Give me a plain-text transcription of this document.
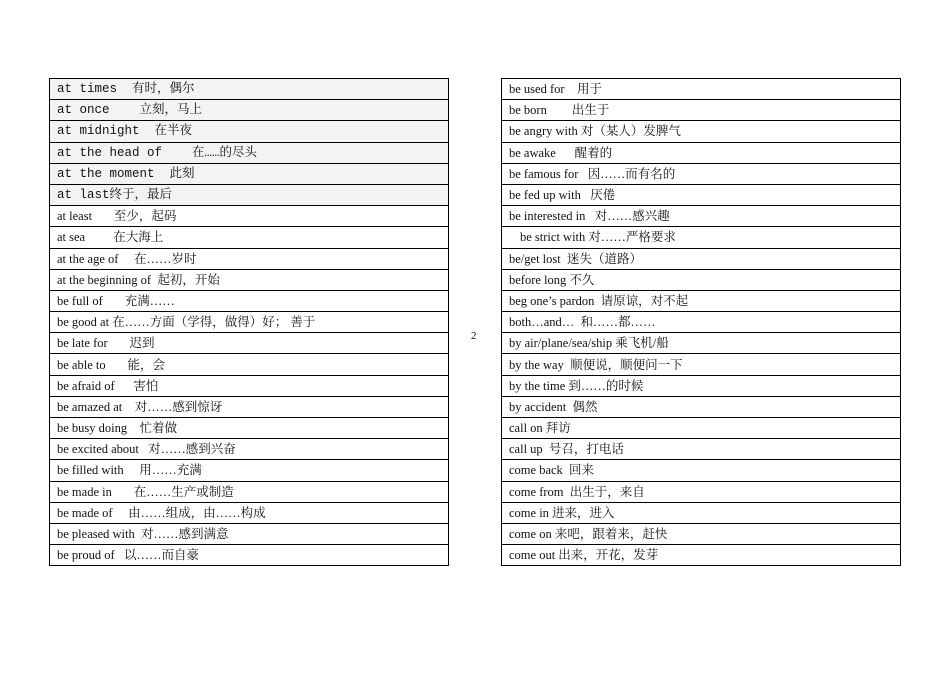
at times  有时，偶尔
at once    立刻，马上
at midnight  在半夜
at the head of    在……的尽头
at the moment  此刻
at last终于，最后
at least       至少，起码
at sea         在大海上
at the age of     在……岁时
at the beginning of  起初，开始
be full of       充满……
be good at 在……方面（学得，做得）好； 善于
be late for       迟到
be able to       能，会
be afraid of      害怕
be amazed at    对……感到惊讶
be busy doing    忙着做
be excited about   对……感到兴奋
be filled with     用……充满
be made in       在……生产或制造
be made of     由……组成，由……构成
be pleased with  对……感到满意
be proud of   以……而自豪
2
be used for    用于
be born        出生于
be angry with 对（某人）发脾气
be awake      醒着的
be famous for   因……而有名的
be fed up with   厌倦
be interested in   对……感兴趣
be strict with 对……严格要求
be/get lost  迷失（道路）
before long 不久
beg one’s pardon  请原谅，对不起
both…and…  和……都……
by air/plane/sea/ship 乘飞机/船
by the way  顺便说，顺便问一下
by the time 到……的时候
by accident  偶然
call on 拜访
call up  号召，打电话
come back  回来
come from  出生于，来自
come in 进来，进入
come on 来吧，跟着来，赶快
come out 出来，开花，发芽
